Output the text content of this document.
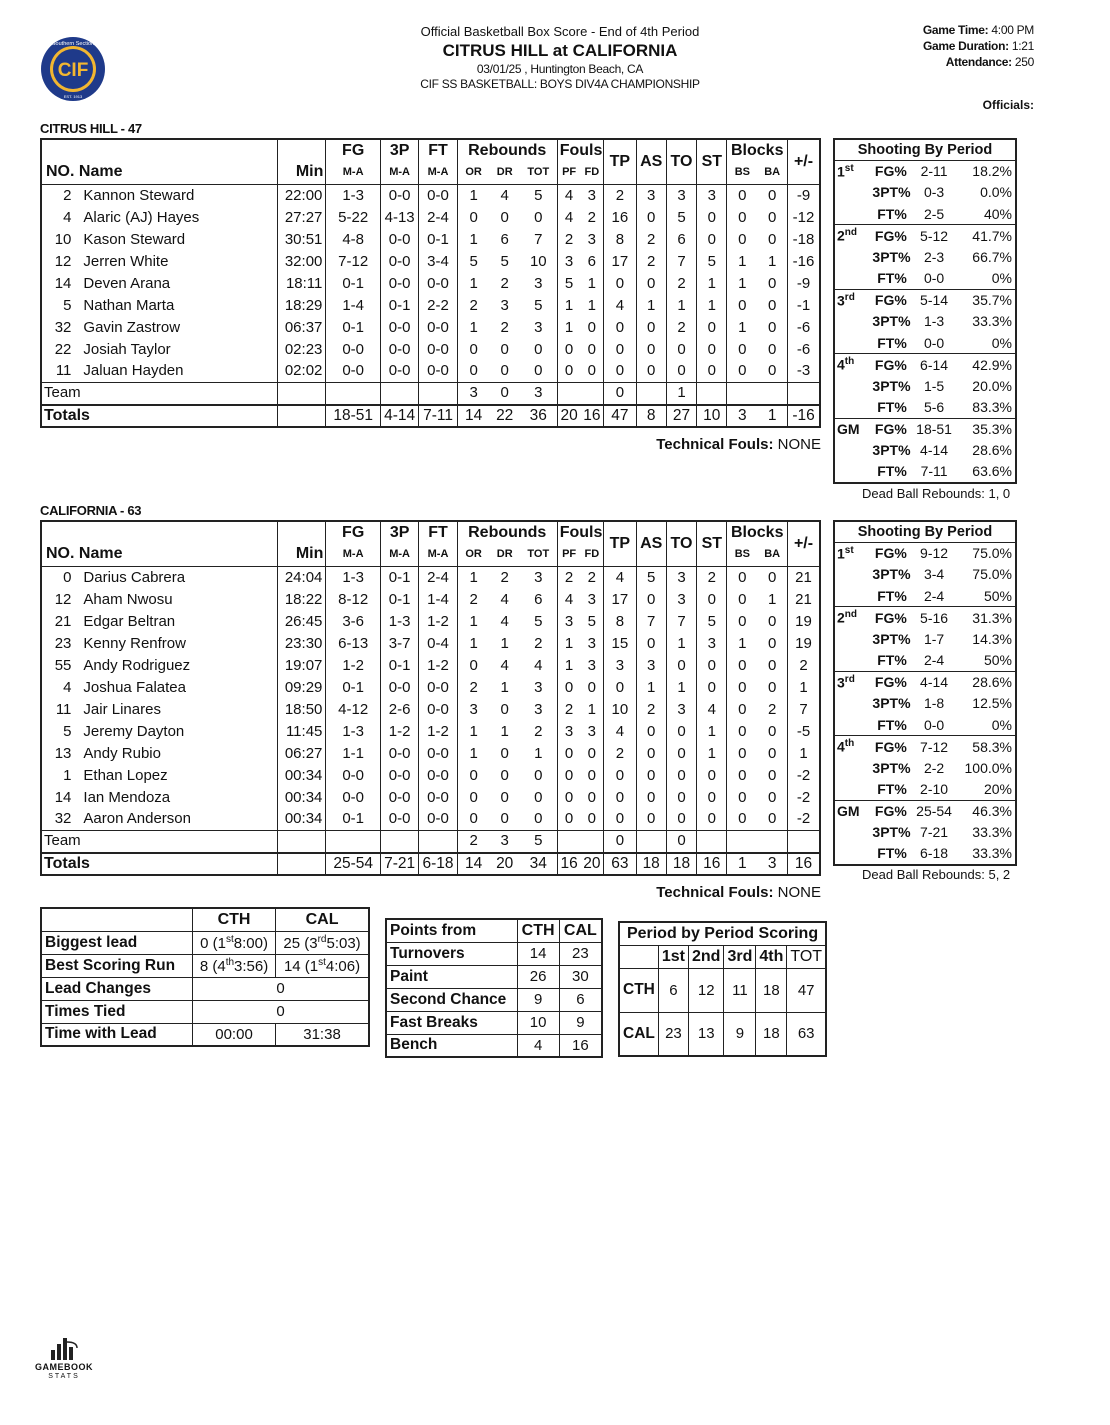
CIF
Southern Section
EST. 1913
Official Basketball Box Score - End of 4th Period
CITRUS HILL at CALIFORNIA
03/01/25 , Huntington Beach, CA
CIF SS BASKETBALL: BOYS DIV4A CHAMPIONSHIP
Game Time: 4:00 PM
Game Duration: 1:21
Attendance: 250
Officials:
CITRUS HILL - 47
			FG	3P	FT	Rebounds			Fouls		TP	AS	TO	ST	Blocks		+/-
NO. Name		Min	M-A	M-A	M-A	OR	DR	TOT	PF	FD					BS	BA	
2	Kannon Steward	22:00	1-3	0-0	0-0	1	4	5	4	3	2	3	3	3	0	0	-9
4	Alaric (AJ) Hayes	27:27	5-22	4-13	2-4	0	0	0	4	2	16	0	5	0	0	0	-12
10	Kason Steward	30:51	4-8	0-0	0-1	1	6	7	2	3	8	2	6	0	0	0	-18
12	Jerren White	32:00	7-12	0-0	3-4	5	5	10	3	6	17	2	7	5	1	1	-16
14	Deven Arana	18:11	0-1	0-0	0-0	1	2	3	5	1	0	0	2	1	1	0	-9
5	Nathan Marta	18:29	1-4	0-1	2-2	2	3	5	1	1	4	1	1	1	0	0	-1
32	Gavin Zastrow	06:37	0-1	0-0	0-0	1	2	3	1	0	0	0	2	0	1	0	-6
22	Josiah Taylor	02:23	0-0	0-0	0-0	0	0	0	0	0	0	0	0	0	0	0	-6
11	Jaluan Hayden	02:02	0-0	0-0	0-0	0	0	0	0	0	0	0	0	0	0	0	-3
Team						3	0	3			0		1				
Totals			18-51	4-14	7-11	14	22	36	20	16	47	8	27	10	3	1	-16
Technical Fouls: NONE
Shooting By Period			
1st	FG%	2-11	18.2%
	3PT%	0-3	0.0%
	FT%	2-5	40%
2nd	FG%	5-12	41.7%
	3PT%	2-3	66.7%
	FT%	0-0	0%
3rd	FG%	5-14	35.7%
	3PT%	1-3	33.3%
	FT%	0-0	0%
4th	FG%	6-14	42.9%
	3PT%	1-5	20.0%
	FT%	5-6	83.3%
GM	FG%	18-51	35.3%
	3PT%	4-14	28.6%
	FT%	7-11	63.6%
Dead Ball Rebounds: 1, 0
CALIFORNIA - 63
			FG	3P	FT	Rebounds			Fouls		TP	AS	TO	ST	Blocks		+/-
NO. Name		Min	M-A	M-A	M-A	OR	DR	TOT	PF	FD					BS	BA	
0	Darius Cabrera	24:04	1-3	0-1	2-4	1	2	3	2	2	4	5	3	2	0	0	21
12	Aham Nwosu	18:22	8-12	0-1	1-4	2	4	6	4	3	17	0	3	0	0	1	21
21	Edgar Beltran	26:45	3-6	1-3	1-2	1	4	5	3	5	8	7	7	5	0	0	19
23	Kenny Renfrow	23:30	6-13	3-7	0-4	1	1	2	1	3	15	0	1	3	1	0	19
55	Andy Rodriguez	19:07	1-2	0-1	1-2	0	4	4	1	3	3	3	0	0	0	0	2
4	Joshua Falatea	09:29	0-1	0-0	0-0	2	1	3	0	0	0	1	1	0	0	0	1
11	Jair Linares	18:50	4-12	2-6	0-0	3	0	3	2	1	10	2	3	4	0	2	7
5	Jeremy Dayton	11:45	1-3	1-2	1-2	1	1	2	3	3	4	0	0	1	0	0	-5
13	Andy Rubio	06:27	1-1	0-0	0-0	1	0	1	0	0	2	0	0	1	0	0	1
1	Ethan Lopez	00:34	0-0	0-0	0-0	0	0	0	0	0	0	0	0	0	0	0	-2
14	Ian Mendoza	00:34	0-0	0-0	0-0	0	0	0	0	0	0	0	0	0	0	0	-2
32	Aaron Anderson	00:34	0-1	0-0	0-0	0	0	0	0	0	0	0	0	0	0	0	-2
Team						2	3	5			0		0				
Totals			25-54	7-21	6-18	14	20	34	16	20	63	18	18	16	1	3	16
Technical Fouls: NONE
Shooting By Period			
1st	FG%	9-12	75.0%
	3PT%	3-4	75.0%
	FT%	2-4	50%
2nd	FG%	5-16	31.3%
	3PT%	1-7	14.3%
	FT%	2-4	50%
3rd	FG%	4-14	28.6%
	3PT%	1-8	12.5%
	FT%	0-0	0%
4th	FG%	7-12	58.3%
	3PT%	2-2	100.0%
	FT%	2-10	20%
GM	FG%	25-54	46.3%
	3PT%	7-21	33.3%
	FT%	6-18	33.3%
Dead Ball Rebounds: 5, 2
	CTH	CAL
Biggest lead	0 (1st8:00)	25 (3rd5:03)
Best Scoring Run	8 (4th3:56)	14 (1st4:06)
Lead Changes	0	
Times Tied	0	
Time with Lead	00:00	31:38
Points from	CTH	CAL
Turnovers	14	23
Paint	26	30
Second Chance	9	6
Fast Breaks	10	9
Bench	4	16
Period by Period Scoring					
	1st	2nd	3rd	4th	TOT
CTH	6	12	11	18	47
CAL	23	13	9	18	63
GAMEBOOK
STATS
